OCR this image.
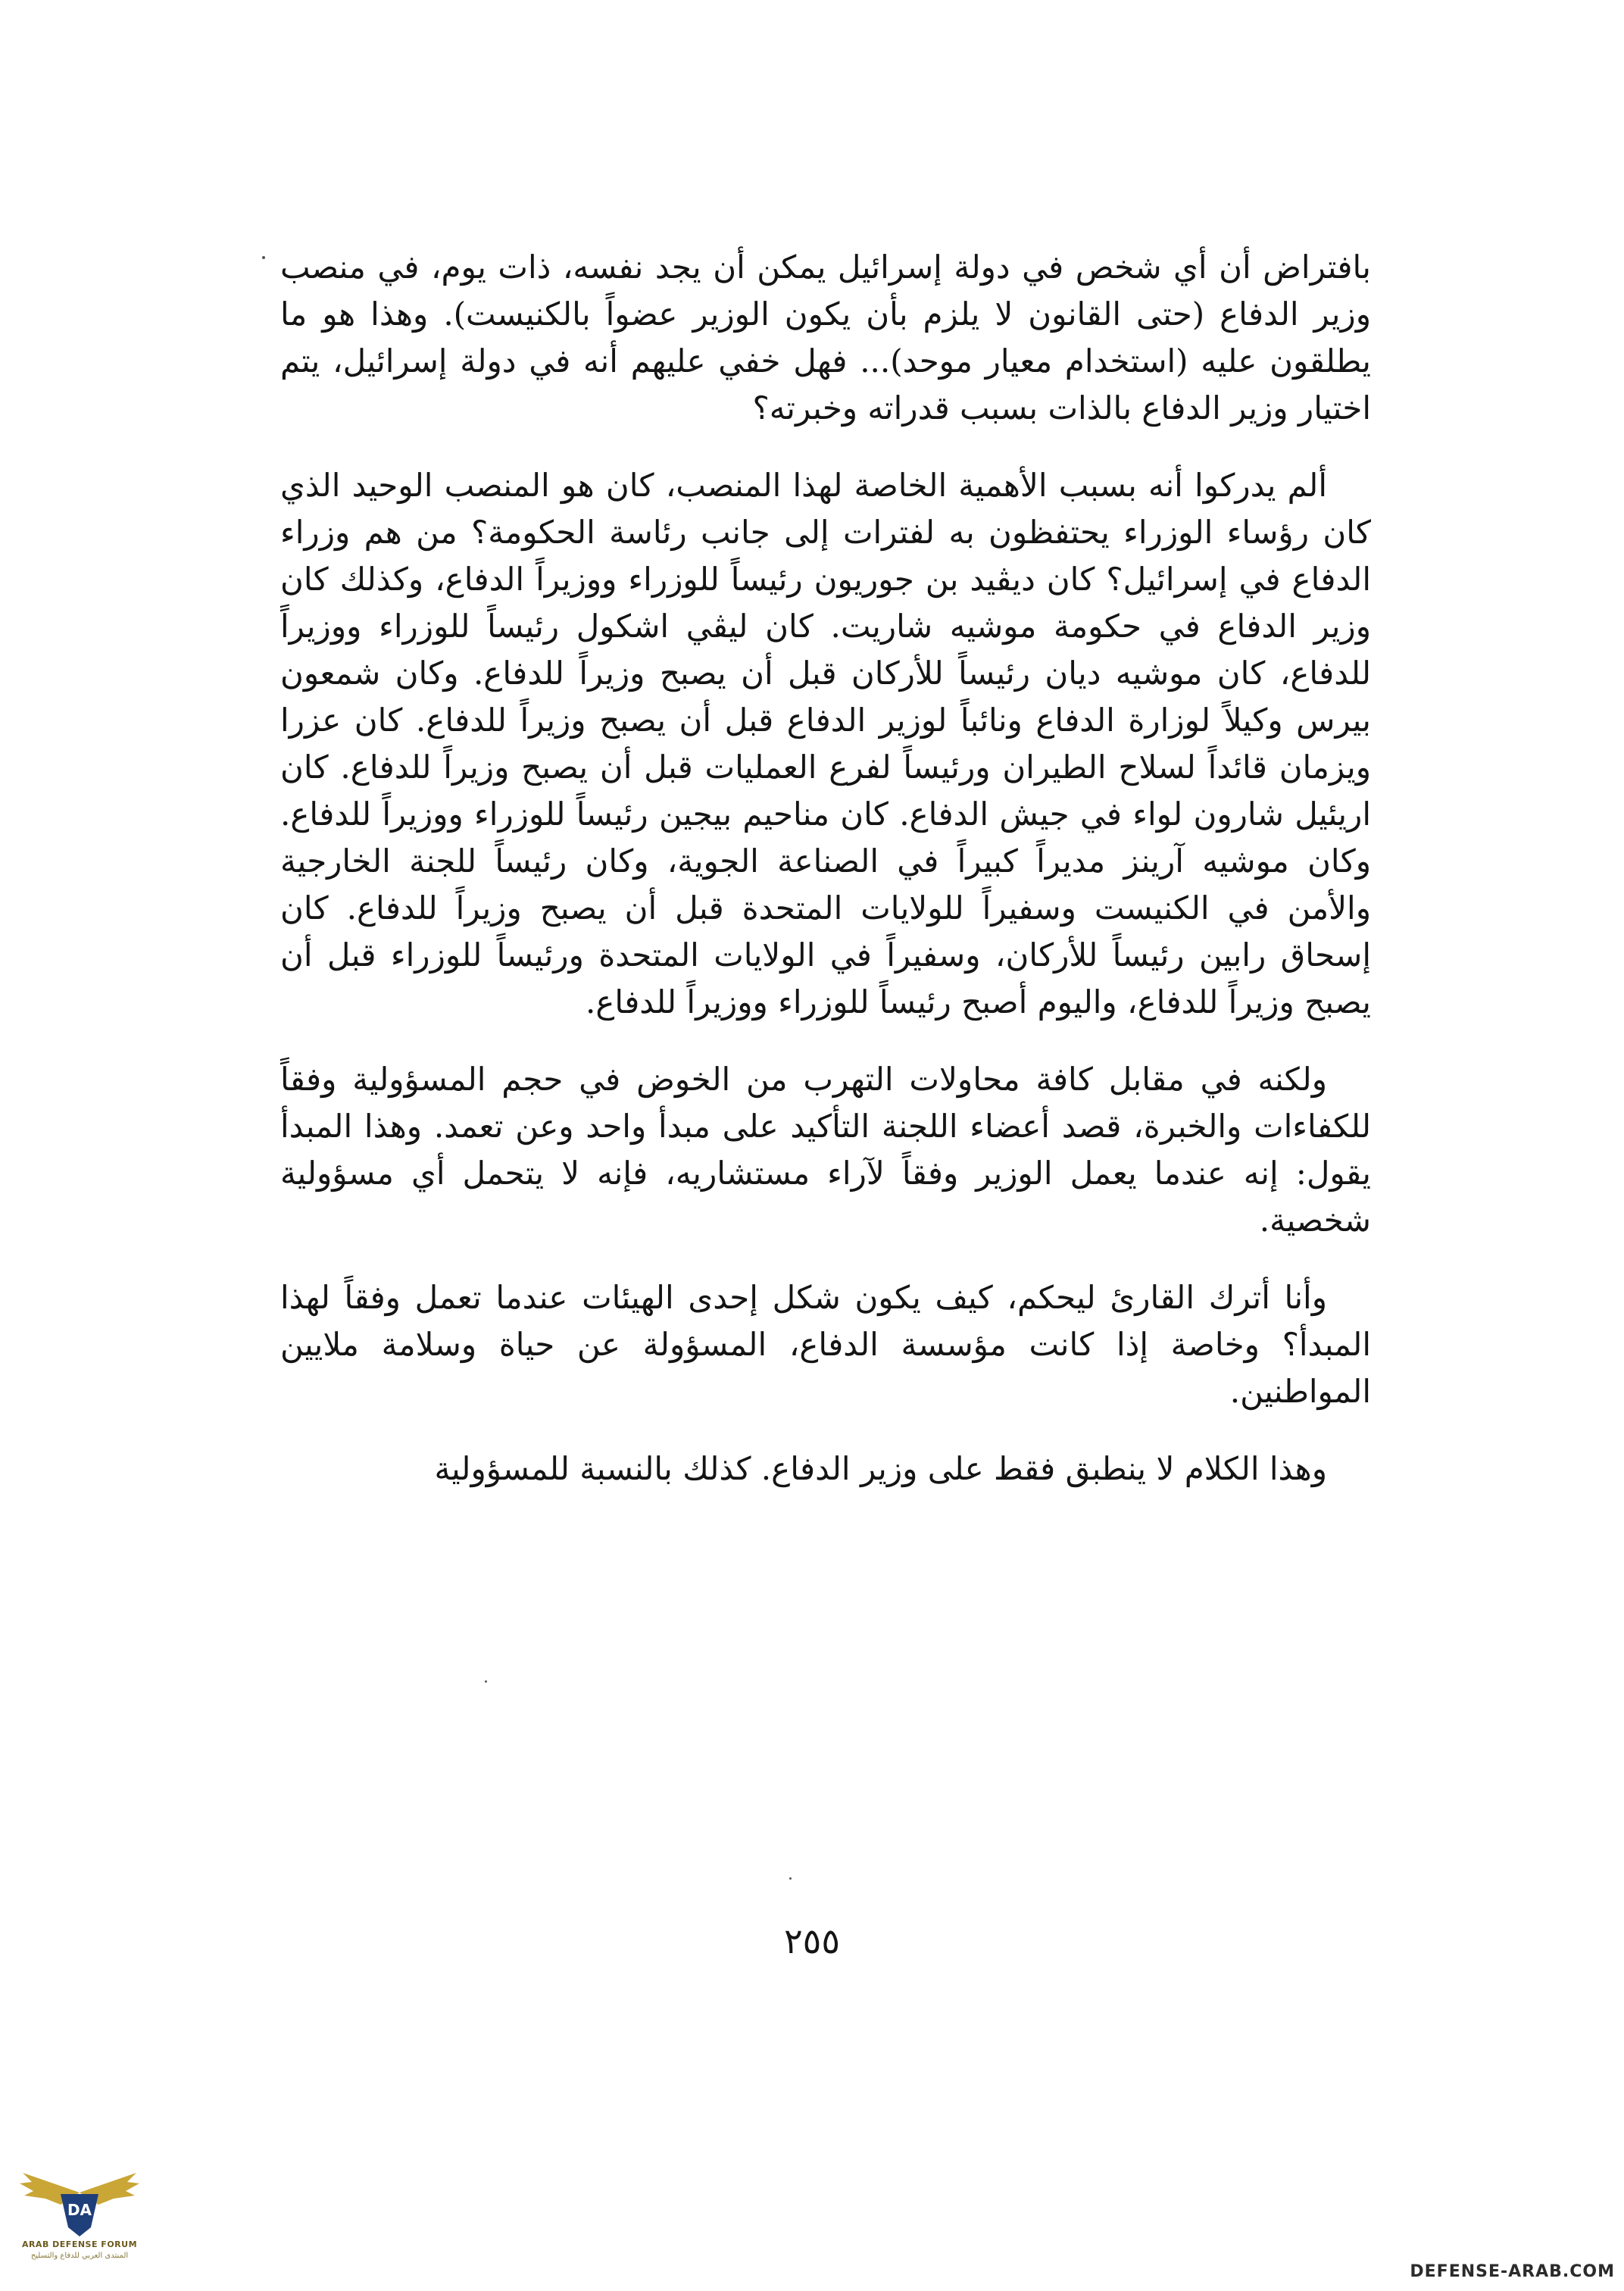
بافتراض أن أي شخص في دولة إسرائيل يمكن أن يجد نفسه، ذات يوم، في منصب وزير الدفاع (حتى القانون لا يلزم بأن يكون الوزير عضواً بالكنيست). وهذا هو ما يطلقون عليه (استخدام معيار موحد)... فهل خفي عليهم أنه في دولة إسرائيل، يتم اختيار وزير الدفاع بالذات بسبب قدراته وخبرته؟

ألم يدركوا أنه بسبب الأهمية الخاصة لهذا المنصب، كان هو المنصب الوحيد الذي كان رؤساء الوزراء يحتفظون به لفترات إلى جانب رئاسة الحكومة؟ من هم وزراء الدفاع في إسرائيل؟ كان ديڤيد بن جوريون رئيساً للوزراء ووزيراً الدفاع، وكذلك كان وزير الدفاع في حكومة موشيه شاريت. كان ليڤي اشكول رئيساً للوزراء ووزيراً للدفاع، كان موشيه ديان رئيساً للأركان قبل أن يصبح وزيراً للدفاع. وكان شمعون بيرس وكيلاً لوزارة الدفاع ونائباً لوزير الدفاع قبل أن يصبح وزيراً للدفاع. كان عزرا ويزمان قائداً لسلاح الطيران ورئيساً لفرع العمليات قبل أن يصبح وزيراً للدفاع. كان اريئيل شارون لواء في جيش الدفاع. كان مناحيم بيجين رئيساً للوزراء ووزيراً للدفاع. وكان موشيه آرينز مديراً كبيراً في الصناعة الجوية، وكان رئيساً للجنة الخارجية والأمن في الكنيست وسفيراً للولايات المتحدة قبل أن يصبح وزيراً للدفاع. كان إسحاق رابين رئيساً للأركان، وسفيراً في الولايات المتحدة ورئيساً للوزراء قبل أن يصبح وزيراً للدفاع، واليوم أصبح رئيساً للوزراء ووزيراً للدفاع.

ولكنه في مقابل كافة محاولات التهرب من الخوض في حجم المسؤولية وفقاً للكفاءات والخبرة، قصد أعضاء اللجنة التأكيد على مبدأ واحد وعن تعمد. وهذا المبدأ يقول: إنه عندما يعمل الوزير وفقاً لآراء مستشاريه، فإنه لا يتحمل أي مسؤولية شخصية.

وأنا أترك القارئ ليحكم، كيف يكون شكل إحدى الهيئات عندما تعمل وفقاً لهذا المبدأ؟ وخاصة إذا كانت مؤسسة الدفاع، المسؤولة عن حياة وسلامة ملايين المواطنين.

وهذا الكلام لا ينطبق فقط على وزير الدفاع. كذلك بالنسبة للمسؤولية

٢٥٥
DA
ARAB DEFENSE FORUM
المنتدى العربي للدفاع والتسليح
DEFENSE-ARAB.COM
